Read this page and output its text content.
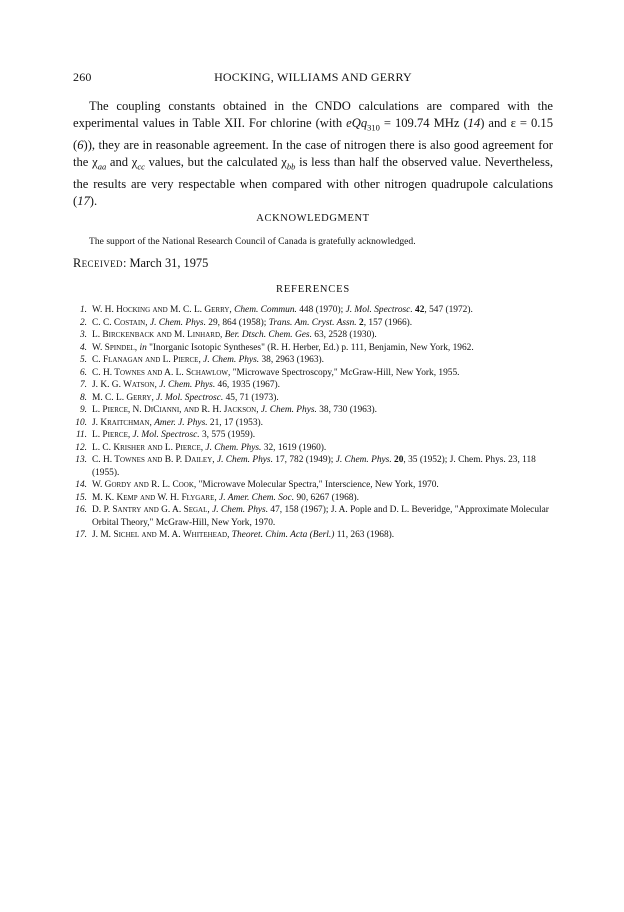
260	HOCKING, WILLIAMS AND GERRY

The coupling constants obtained in the CNDO calculations are compared with the experimental values in Table XII. For chlorine (with eQq$_{310}$ = 109.74 MHz (14) and ε = 0.15 (6)), they are in reasonable agreement. In the case of nitrogen there is also good agreement for the $\chi_{aa}$ and $\chi_{cc}$ values, but the calculated $\chi_{bb}$ is less than half the observed value. Nevertheless, the results are very respectable when compared with other nitrogen quadrupole calculations (17).

ACKNOWLEDGMENT
The support of the National Research Council of Canada is gratefully acknowledged.
Received: March 31, 1975
REFERENCES
1. W. H. Hocking and M. C. L. Gerry, Chem. Commun. 448 (1970); J. Mol. Spectrosc. 42, 547 (1972).
2. C. C. Costain, J. Chem. Phys. 29, 864 (1958); Trans. Am. Cryst. Assn. 2, 157 (1966).
3. L. Birckenback and M. Linhard, Ber. Dtsch. Chem. Ges. 63, 2528 (1930).
4. W. Spindel, in "Inorganic Isotopic Syntheses" (R. H. Herber, Ed.) p. 111, Benjamin, New York, 1962.
5. C. Flanagan and L. Pierce, J. Chem. Phys. 38, 2963 (1963).
6. C. H. Townes and A. L. Schawlow, "Microwave Spectroscopy," McGraw-Hill, New York, 1955.
7. J. K. G. Watson, J. Chem. Phys. 46, 1935 (1967).
8. M. C. L. Gerry, J. Mol. Spectrosc. 45, 71 (1973).
9. L. Pierce, N. DiCianni, and R. H. Jackson, J. Chem. Phys. 38, 730 (1963).
10. J. Kraitchman, Amer. J. Phys. 21, 17 (1953).
11. L. Pierce, J. Mol. Spectrosc. 3, 575 (1959).
12. L. C. Krisher and L. Pierce, J. Chem. Phys. 32, 1619 (1960).
13. C. H. Townes and B. P. Dailey, J. Chem. Phys. 17, 782 (1949); J. Chem. Phys. 20, 35 (1952); J. Chem. Phys. 23, 118 (1955).
14. W. Gordy and R. L. Cook, "Microwave Molecular Spectra," Interscience, New York, 1970.
15. M. K. Kemp and W. H. Flygare, J. Amer. Chem. Soc. 90, 6267 (1968).
16. D. P. Santry and G. A. Segal, J. Chem. Phys. 47, 158 (1967); J. A. Pople and D. L. Beveridge, "Approximate Molecular Orbital Theory," McGraw-Hill, New York, 1970.
17. J. M. Sichel and M. A. Whitehead, Theoret. Chim. Acta (Berl.) 11, 263 (1968).
